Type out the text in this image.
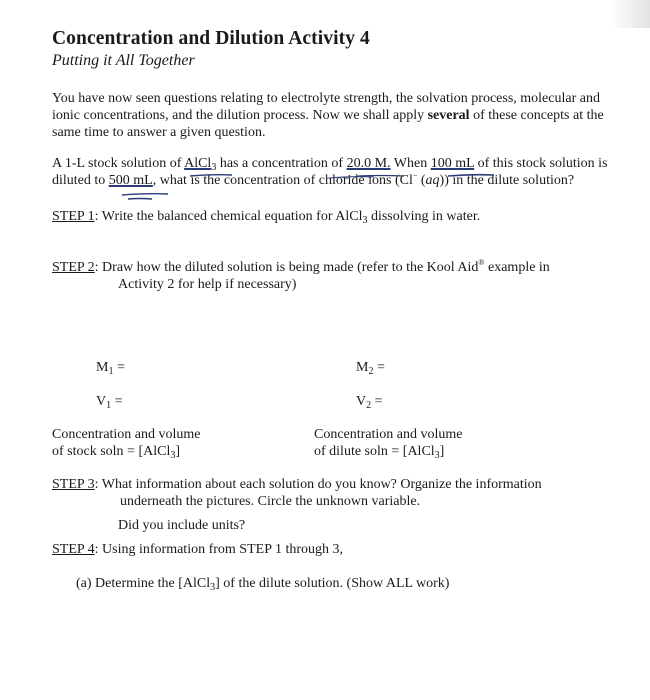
Concentration and Dilution Activity 4
Putting it All Together
You have now seen questions relating to electrolyte strength, the solvation process, molecular and ionic concentrations, and the dilution process. Now we shall apply several of these concepts at the same time to answer a given question.
A 1-L stock solution of AlCl$_3$ has a concentration of 20.0 M. When 100 mL of this stock solution is diluted to 500 mL, what is the concentration of chloride ions (Cl− (aq)) in the dilute solution?
STEP 1: Write the balanced chemical equation for AlCl$_3$ dissolving in water.
STEP 2: Draw how the diluted solution is being made (refer to the Kool Aid® example in
Activity 2 for help if necessary)
$M_1$ =	$M_2$ =
$V_1$ =	$V_2$ =
Concentration and volume
of stock soln = [AlCl$_3$]
Concentration and volume
of dilute soln = [AlCl$_3$]
STEP 3: What information about each solution do you know? Organize the information
underneath the pictures. Circle the unknown variable.
Did you include units?
STEP 4: Using information from STEP 1 through 3,
(a) Determine the [AlCl$_3$] of the dilute solution. (Show ALL work)
